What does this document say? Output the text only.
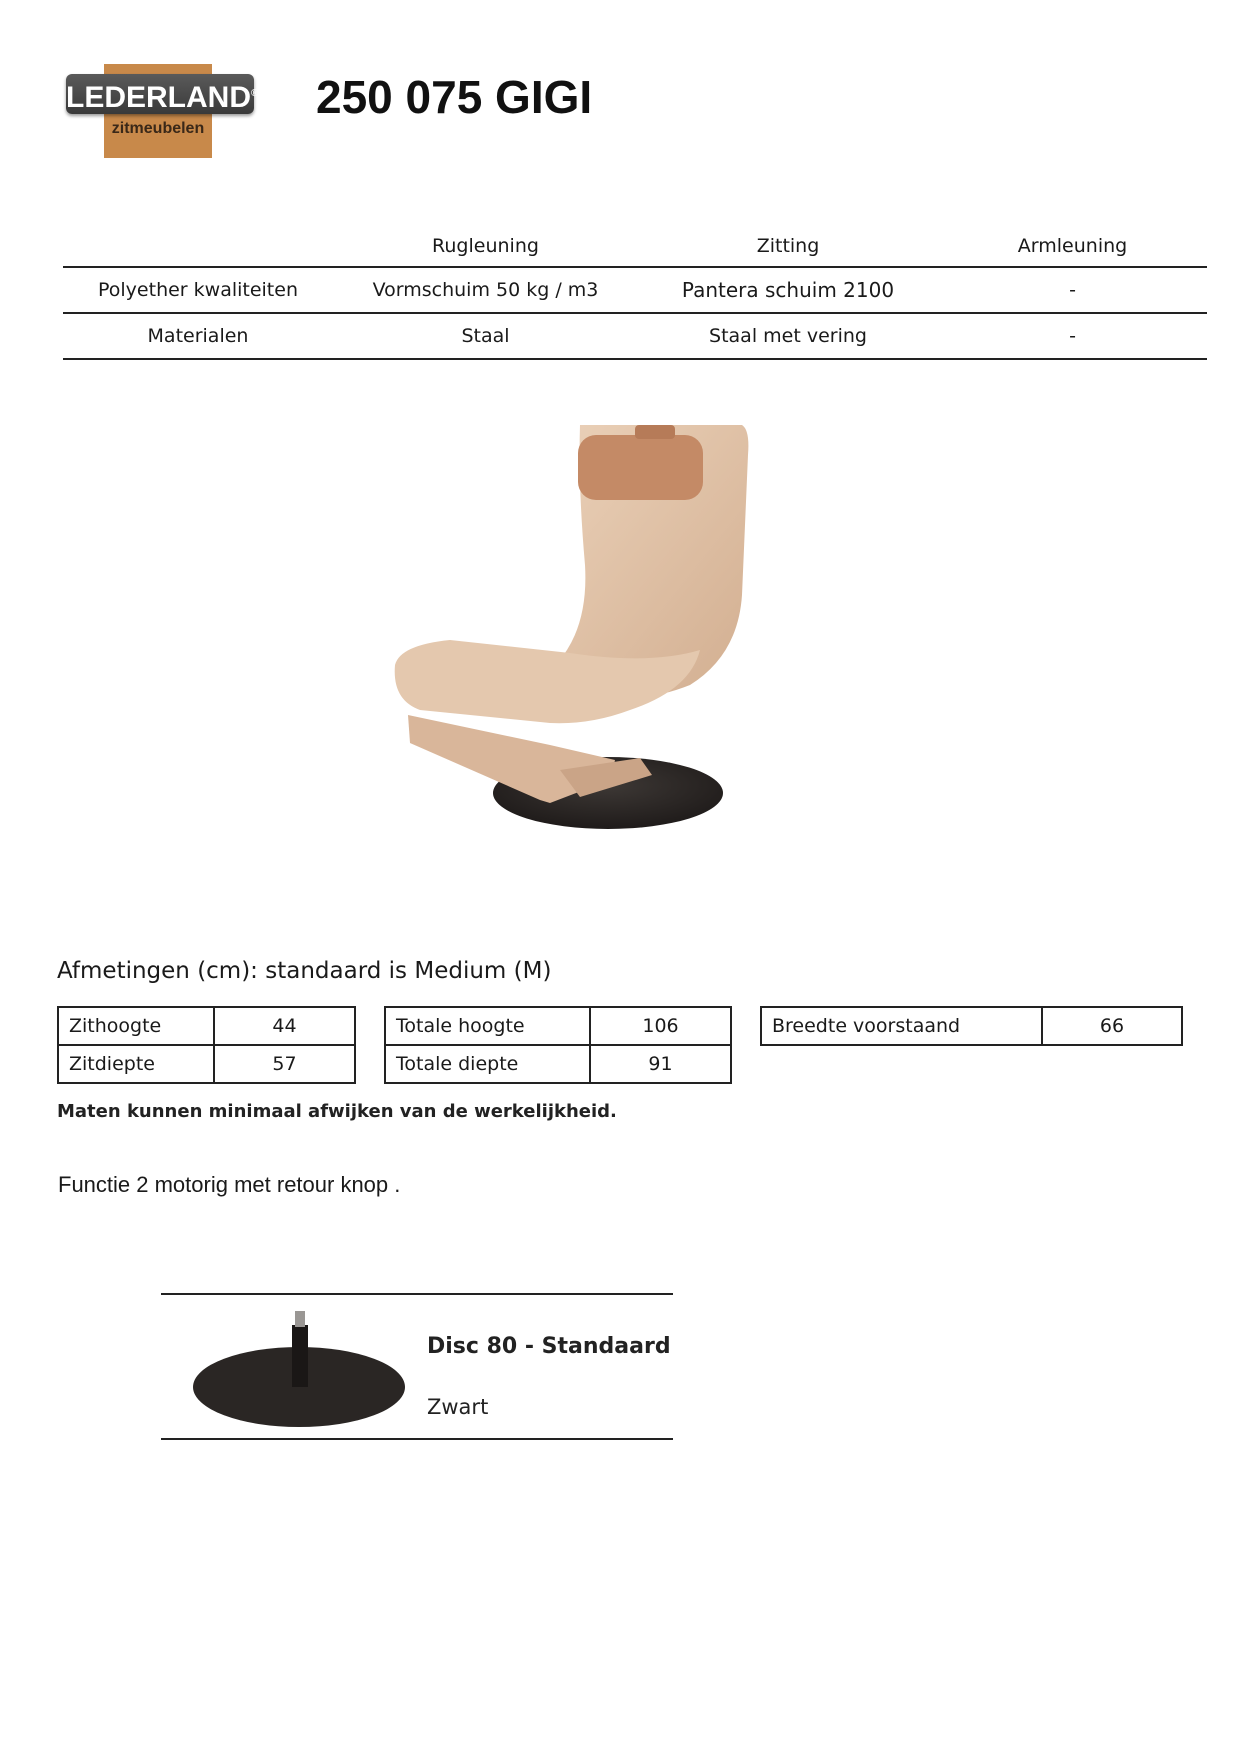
LEDERLAND®
zitmeubelen
250 075 GIGI
	Rugleuning	Zitting	Armleuning
Polyether kwaliteiten	Vormschuim 50 kg / m3	Pantera schuim 2100	-
Materialen	Staal	Staal met vering	-
Afmetingen (cm): standaard is Medium (M)
Zithoogte	44
Zitdiepte	57
Totale hoogte	106
Totale diepte	91
Breedte voorstaand	66
Maten kunnen minimaal afwijken van de werkelijkheid.
Functie 2 motorig met retour knop .
Disc 80 - Standaard
Zwart
